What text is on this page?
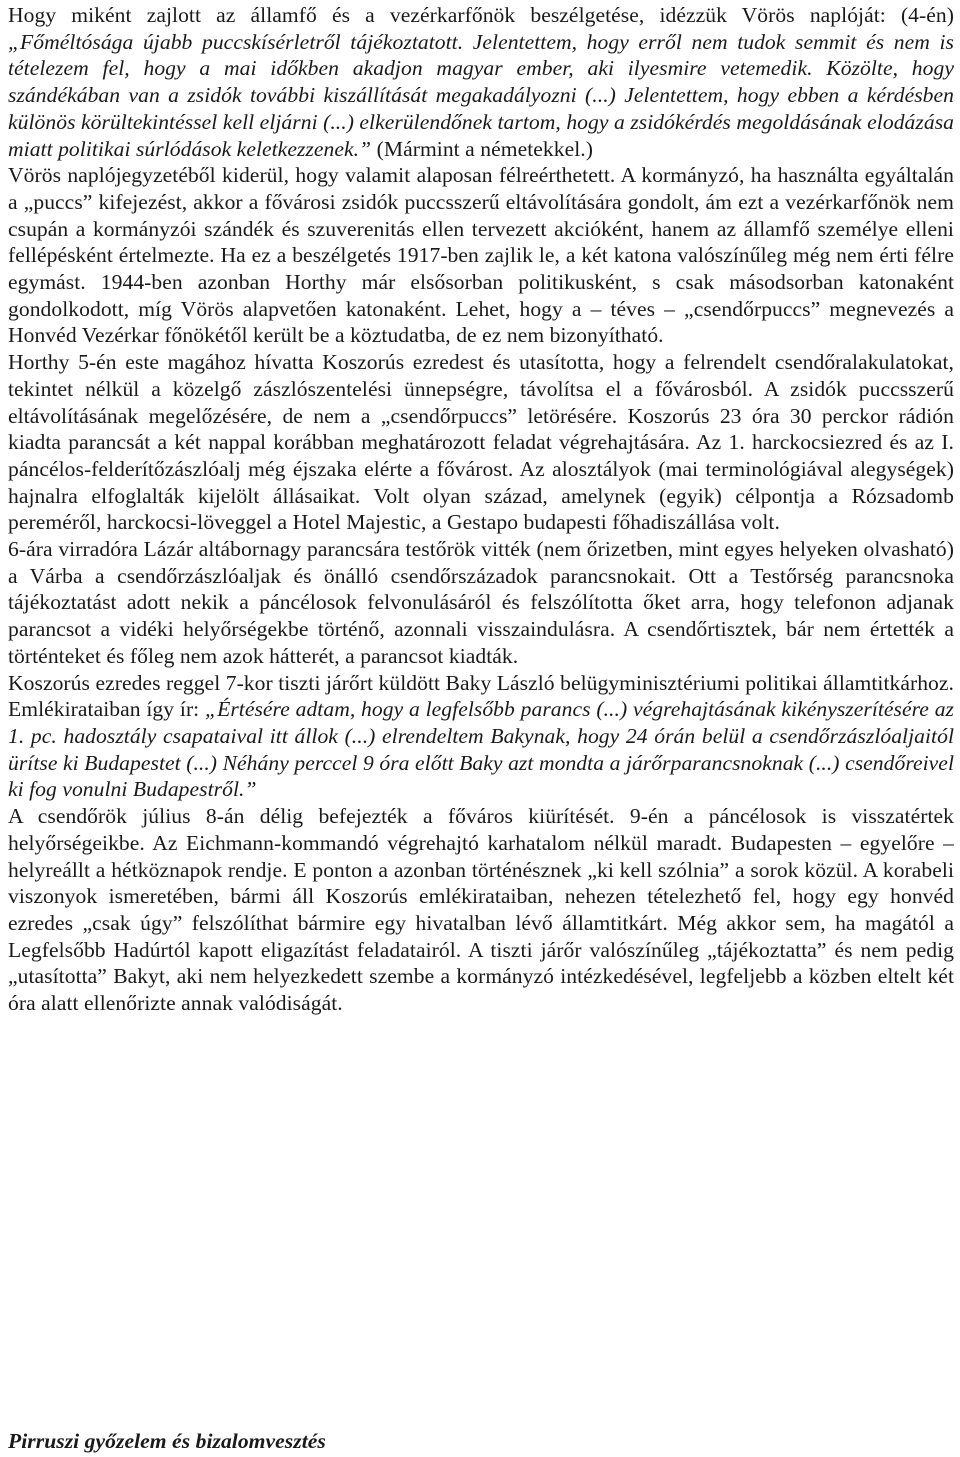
Hogy miként zajlott az államfő és a vezérkarfőnök beszélgetése, idézzük Vörös naplóját: (4-én) „Főméltósága újabb puccskísérletről tájékoztatott. Jelentettem, hogy erről nem tudok semmit és nem is tételezem fel, hogy a mai időkben akadjon magyar ember, aki ilyesmire vetemedik. Közölte, hogy szándékában van a zsidók további kiszállítását megakadályozni (...) Jelentettem, hogy ebben a kérdésben különös körültekintéssel kell eljárni (...) elkerülendőnek tartom, hogy a zsidókérdés megoldásának elodázása miatt politikai súrlódások keletkezzenek.” (Mármint a németekkel.)

Vörös naplójegyzetéből kiderül, hogy valamit alaposan félreérthetett. A kormányzó, ha használta egyáltalán a „puccs” kifejezést, akkor a fővárosi zsidók puccsszerű eltávolítására gondolt, ám ezt a vezérkarfőnök nem csupán a kormányzói szándék és szuverenitás ellen tervezett akcióként, hanem az államfő személye elleni fellépésként értelmezte. Ha ez a beszélgetés 1917-ben zajlik le, a két katona valószínűleg még nem érti félre egymást. 1944-ben azonban Horthy már elsősorban politikusként, s csak másodsorban katonaként gondolkodott, míg Vörös alapvetően katonaként. Lehet, hogy a – téves – „csendőrpuccs” megnevezés a Honvéd Vezérkar főnökétől került be a köztudatba, de ez nem bizonyítható.

Horthy 5-én este magához hívatta Koszorús ezredest és utasította, hogy a felrendelt csendőralakulatokat, tekintet nélkül a közelgő zászlószentelési ünnepségre, távolítsa el a fővárosból. A zsidók puccsszerű eltávolításának megelőzésére, de nem a „csendőrpuccs” letörésére. Koszorús 23 óra 30 perckor rádión kiadta parancsát a két nappal korábban meghatározott feladat végrehajtására. Az 1. harckocsiezred és az I. páncélos-felderítőzászlóalj még éjszaka elérte a fővárost. Az alosztályok (mai terminológiával alegységek) hajnalra elfoglalták kijelölt állásaikat. Volt olyan század, amelynek (egyik) célpontja a Rózsadomb pereméről, harckocsi-löveggel a Hotel Majestic, a Gestapo budapesti főhadiszállása volt.

6-ára virradóra Lázár altábornagy parancsára testőrök vitték (nem őrizetben, mint egyes helyeken olvasható) a Várba a csendőrzászlóaljak és önálló csendőrszázadok parancsnokait. Ott a Testőrség parancsnoka tájékoztatást adott nekik a páncélosok felvonulásáról és felszólította őket arra, hogy telefonon adjanak parancsot a vidéki helyőrségekbe történő, azonnali visszaindulásra. A csendőrtisztek, bár nem értették a történteket és főleg nem azok hátterét, a parancsot kiadták.

Koszorús ezredes reggel 7-kor tiszti járőrt küldött Baky László belügyminisztériumi politikai államtitkárhoz. Emlékirataiban így ír: „Értésére adtam, hogy a legfelsőbb parancs (...) végrehajtásának kikényszerítésére az 1. pc. hadosztály csapataival itt állok (...) elrendeltem Bakynak, hogy 24 órán belül a csendőrzászlóaljaitól ürítse ki Budapestet (...) Néhány perccel 9 óra előtt Baky azt mondta a járőrparancsnoknak (...) csendőreivel ki fog vonulni Budapestről.”

A csendőrök július 8-án délig befejezték a főváros kiürítését. 9-én a páncélosok is visszatértek helyőrségeikbe. Az Eichmann-kommandó végrehajtó karhatalom nélkül maradt. Budapesten – egyelőre – helyreállt a hétköznapok rendje. E ponton a azonban történésznek „ki kell szólnia” a sorok közül. A korabeli viszonyok ismeretében, bármi áll Koszorús emlékirataiban, nehezen tételezhető fel, hogy egy honvéd ezredes „csak úgy” felszólíthat bármire egy hivatalban lévő államtitkárt. Még akkor sem, ha magától a Legfelsőbb Hadúrtól kapott eligazítást feladatairól. A tiszti járőr valószínűleg „tájékoztatta” és nem pedig „utasította” Bakyt, aki nem helyezkedett szembe a kormányzó intézkedésével, legfeljebb a közben eltelt két óra alatt ellenőrizte annak valódiságát.

Pirruszi győzelem és bizalomvesztés
